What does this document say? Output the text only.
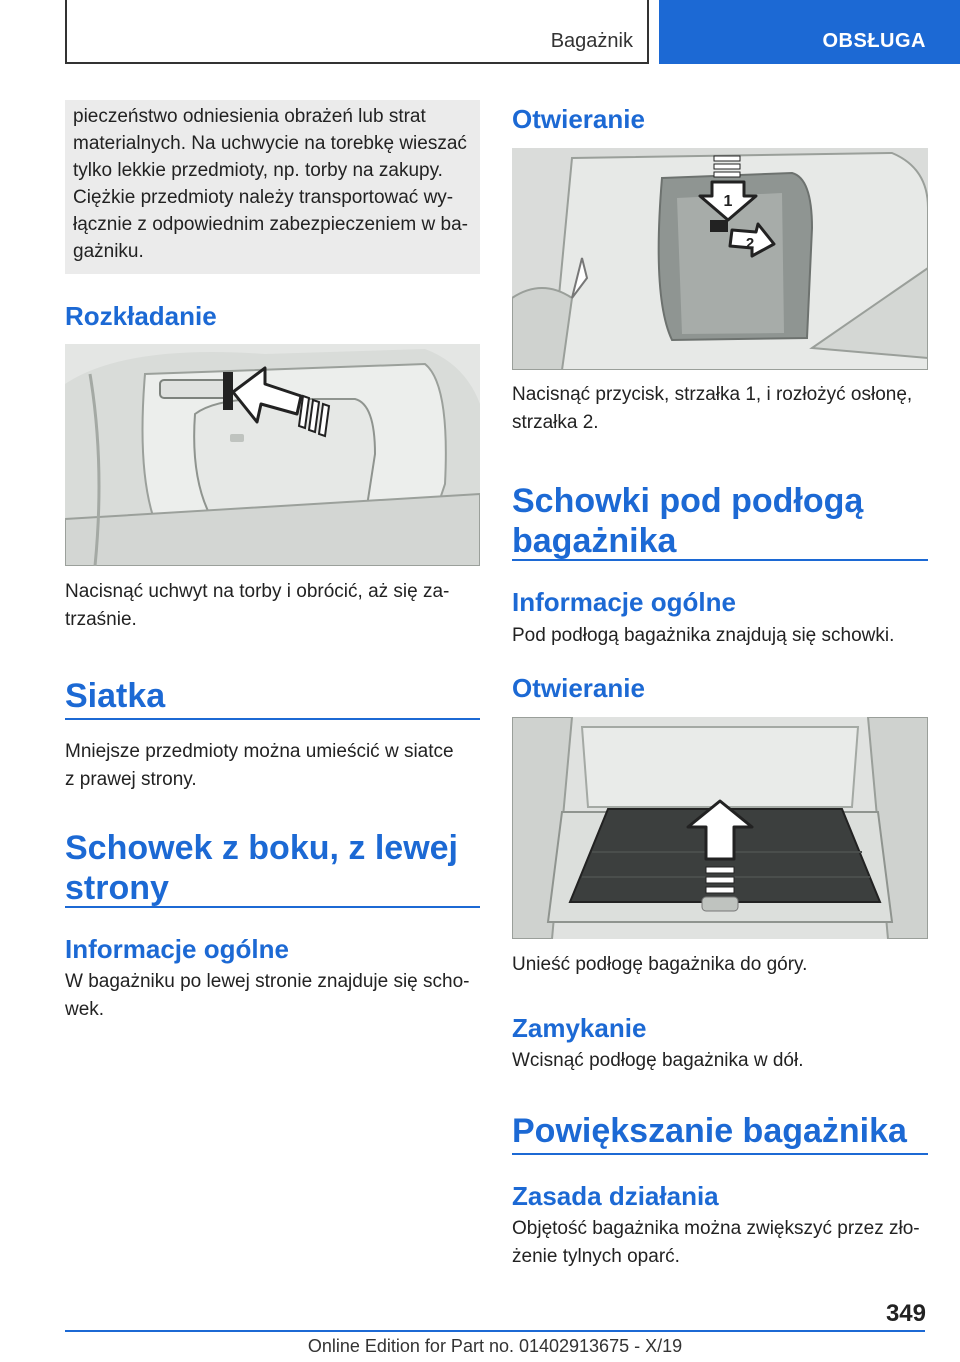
Bagażnik	OBSŁUGA

pieczeństwo odniesienia obrażeń lub strat

materialnych. Na uchwycie na torebkę wieszać

tylko lekkie przedmioty, np. torby na zakupy.

Ciężkie przedmioty należy transportować wy-

łącznie z odpowiednim zabezpieczeniem w ba-

gażniku.

Rozkładanie

Nacisnąć uchwyt na torby i obrócić, aż się za-
trzaśnie.

Siatka

Mniejsze przedmioty można umieścić w siatce
z prawej strony.

Schowek z boku, z lewej
strony
Informacje ogólne

W bagażniku po lewej stronie znajduje się scho-
wek.

Otwieranie
1
2

Nacisnąć przycisk, strzałka 1, i rozłożyć osłonę,
strzałka 2.

Schowki pod podłogą
bagażnika
Informacje ogólne

Pod podłogą bagażnika znajdują się schowki.

Otwieranie

Unieść podłogę bagażnika do góry.

Zamykanie

Wcisnąć podłogę bagażnika w dół.

Powiększanie bagażnika
Zasada działania

Objętość bagażnika można zwiększyć przez zło-
żenie tylnych oparć.

349
Online Edition for Part no. 01402913675 - X/19
